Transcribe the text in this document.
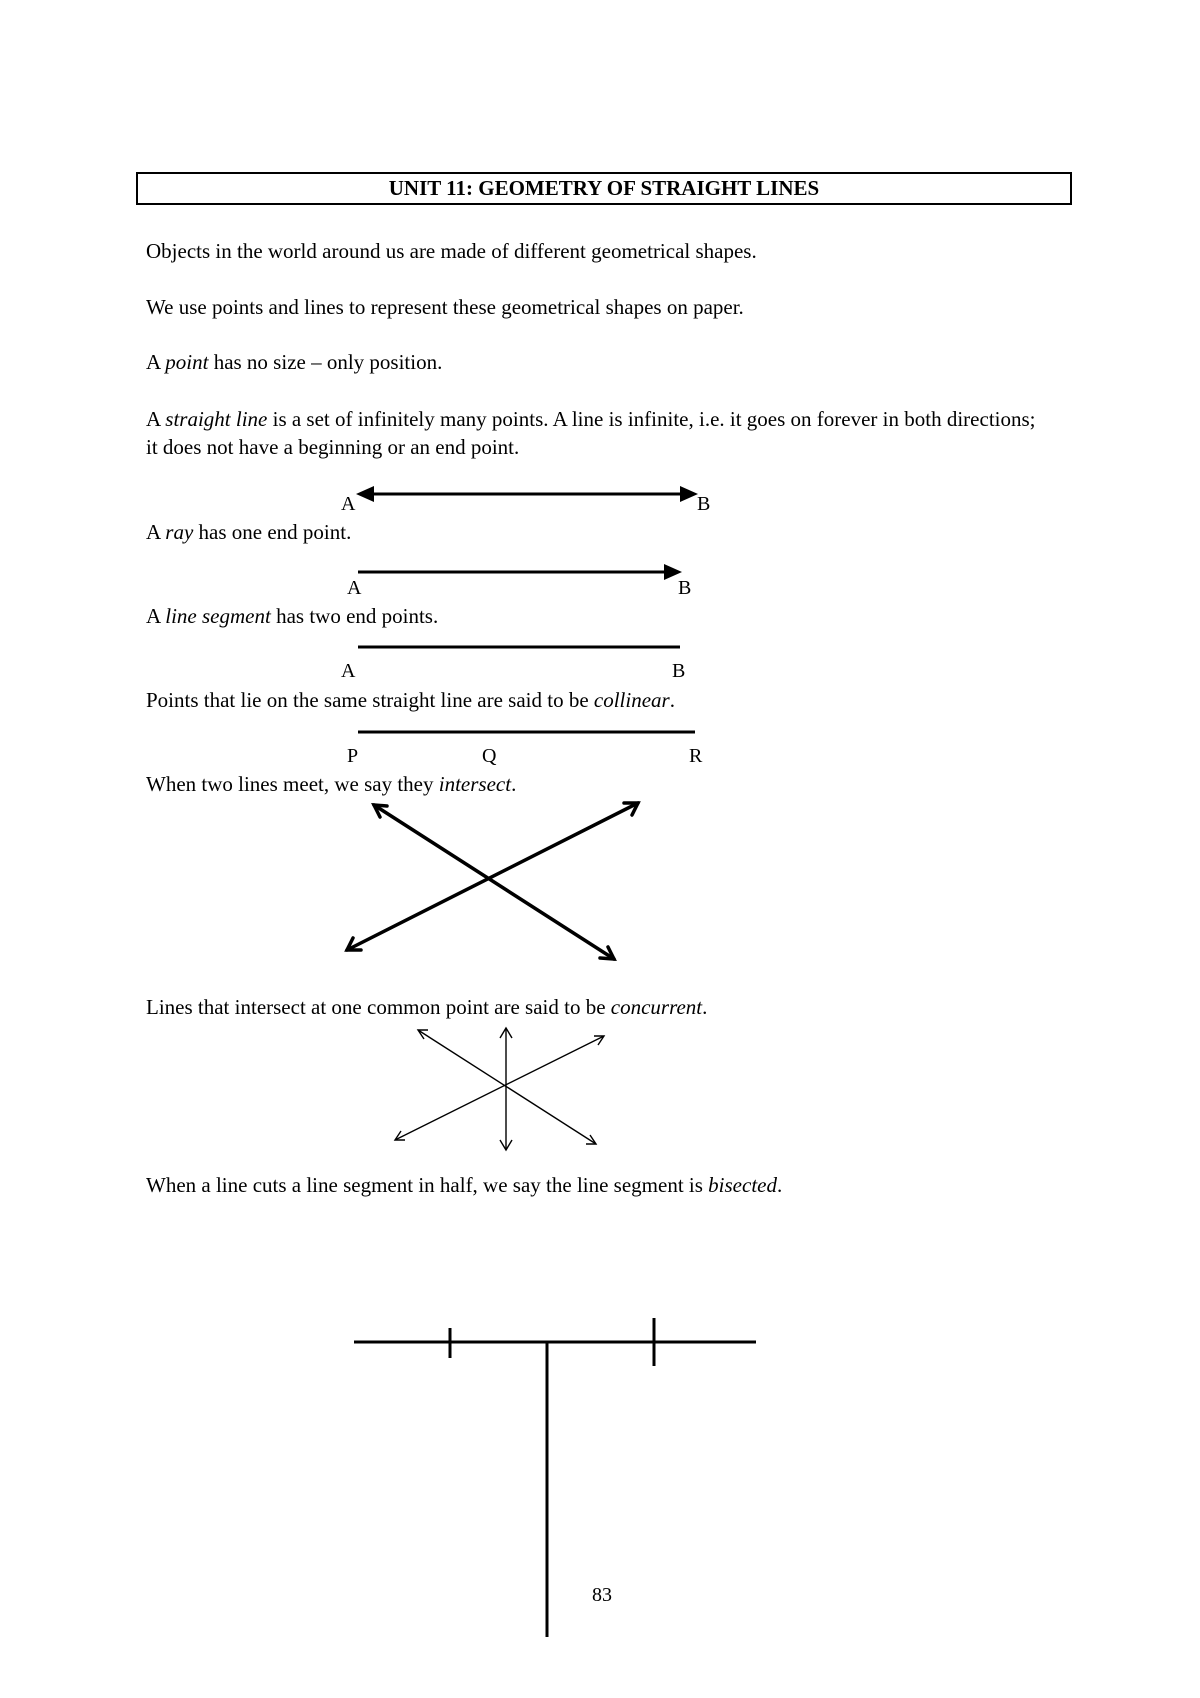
UNIT 11: GEOMETRY OF STRAIGHT LINES
Objects in the world around us are made of different geometrical shapes.
We use points and lines to represent these geometrical shapes on paper.
A point has no size – only position.
A straight line is a set of infinitely many points. A line is infinite, i.e. it goes on forever in both directions; it does not have a beginning or an end point.
A	B
A ray has one end point.
A	B
A line segment has two end points.
A	B
Points that lie on the same straight line are said to be collinear.
P	Q	R
When two lines meet, we say they intersect.
Lines that intersect at one common point are said to be concurrent.
When a line cuts a line segment in half, we say the line segment is bisected.
83
